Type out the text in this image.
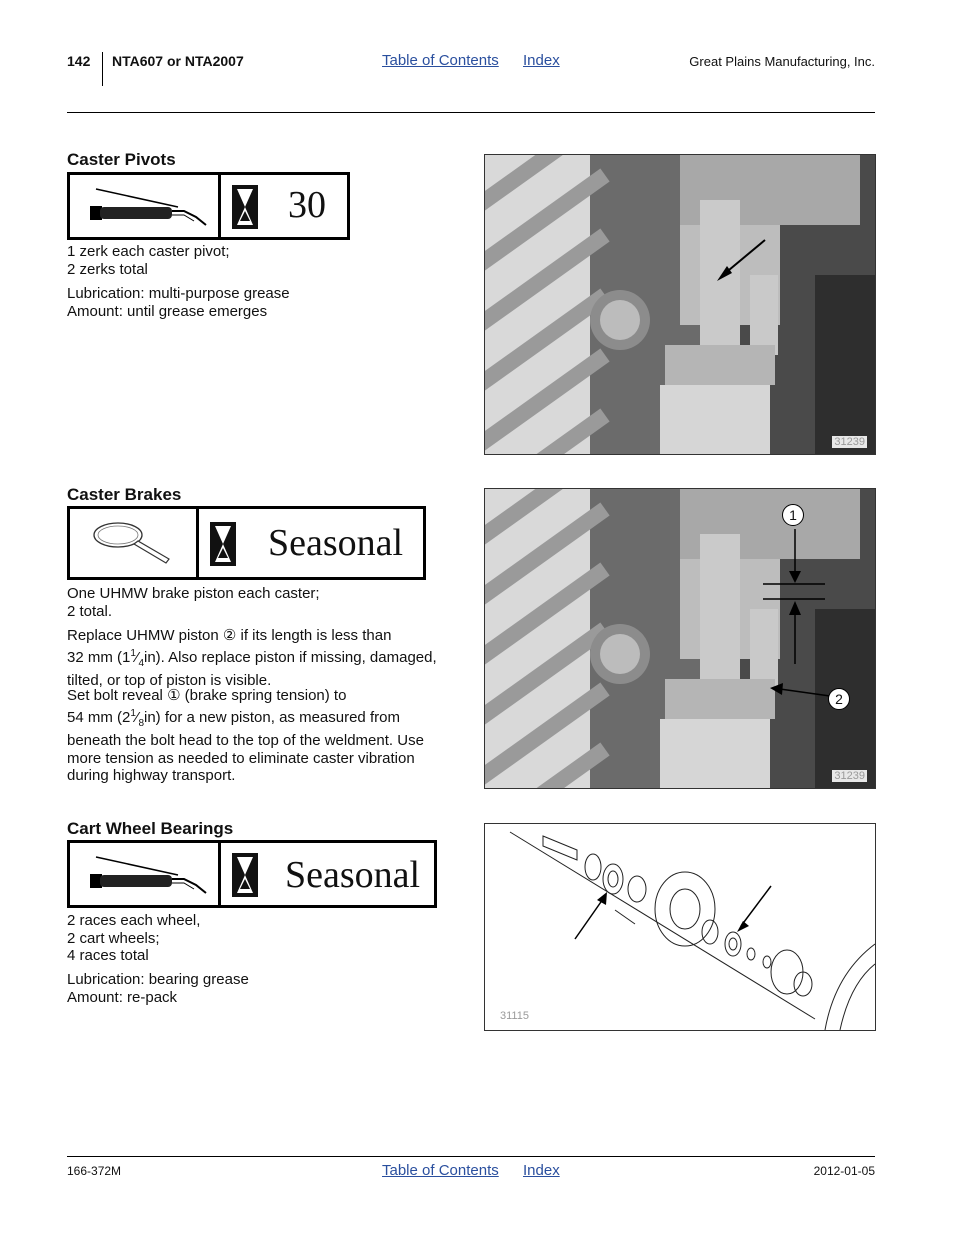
142 NTA607 or NTA2007	Table of Contents Index	Great Plains Manufacturing, Inc.
Caster Pivots
30
1 zerk each caster pivot;
2 zerks total
Lubrication: multi-purpose grease
Amount: until grease emerges
31239
Caster Brakes
Seasonal
One UHMW brake piston each caster;
2 total.
Replace UHMW piston ② if its length is less than
32 mm $(1^1⁄_4in)$. Also replace piston if missing, damaged,
tilted, or top of piston is visible.
Set bolt reveal ① (brake spring tension) to
54 mm $(2^1⁄_8in)$ for a new piston, as measured from
beneath the bolt head to the top of the weldment. Use
more tension as needed to eliminate caster vibration
during highway transport.
1
2
31239
Cart Wheel Bearings
Seasonal
2 races each wheel,
2 cart wheels;
4 races total
Lubrication: bearing grease
Amount: re-pack
31115
166-372M	Table of Contents Index	2012-01-05
